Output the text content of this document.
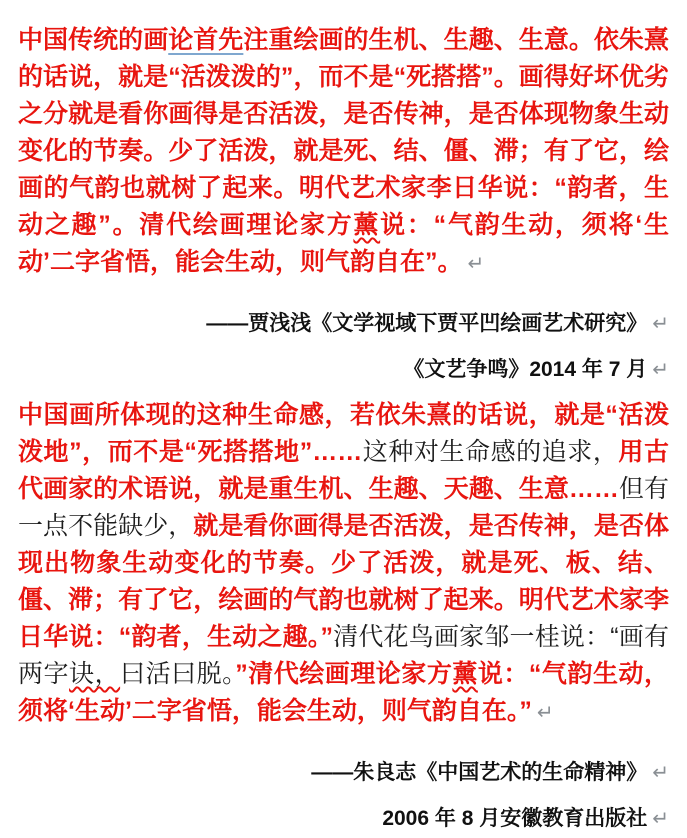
中国传统的画论首先注重绘画的生机、生趣、生意。依朱熹的话说，就是“活泼泼的”，而不是“死搭搭”。画得好坏优劣之分就是看你画得是否活泼，是否传神，是否体现物象生动变化的节奏。少了活泼，就是死、结、僵、滞；有了它，绘画的气韵也就树了起来。明代艺术家李日华说：“韵者，生动之趣”。清代绘画理论家方薰说：“气韵生动，须将‘生动’二字省悟，能会生动，则气韵自在”。 ↵

——贾浅浅《文学视域下贾平凹绘画艺术研究》 ↵

《文艺争鸣》2014 年 7 月 ↵

中国画所体现的这种生命感，若依朱熹的话说，就是“活泼泼地”，而不是“死搭搭地”……这种对生命感的追求，用古代画家的术语说，就是重生机、生趣、天趣、生意……但有一点不能缺少，就是看你画得是否活泼，是否传神，是否体现出物象生动变化的节奏。少了活泼，就是死、板、结、僵、滞；有了它，绘画的气韵也就树了起来。明代艺术家李日华说：“韵者，生动之趣。”清代花鸟画家邹一桂说：“画有两字诀，曰活曰脱。”清代绘画理论家方薰说：“气韵生动，须将‘生动’二字省悟，能会生动，则气韵自在。” ↵

——朱良志《中国艺术的生命精神》 ↵

2006 年 8 月安徽教育出版社 ↵
